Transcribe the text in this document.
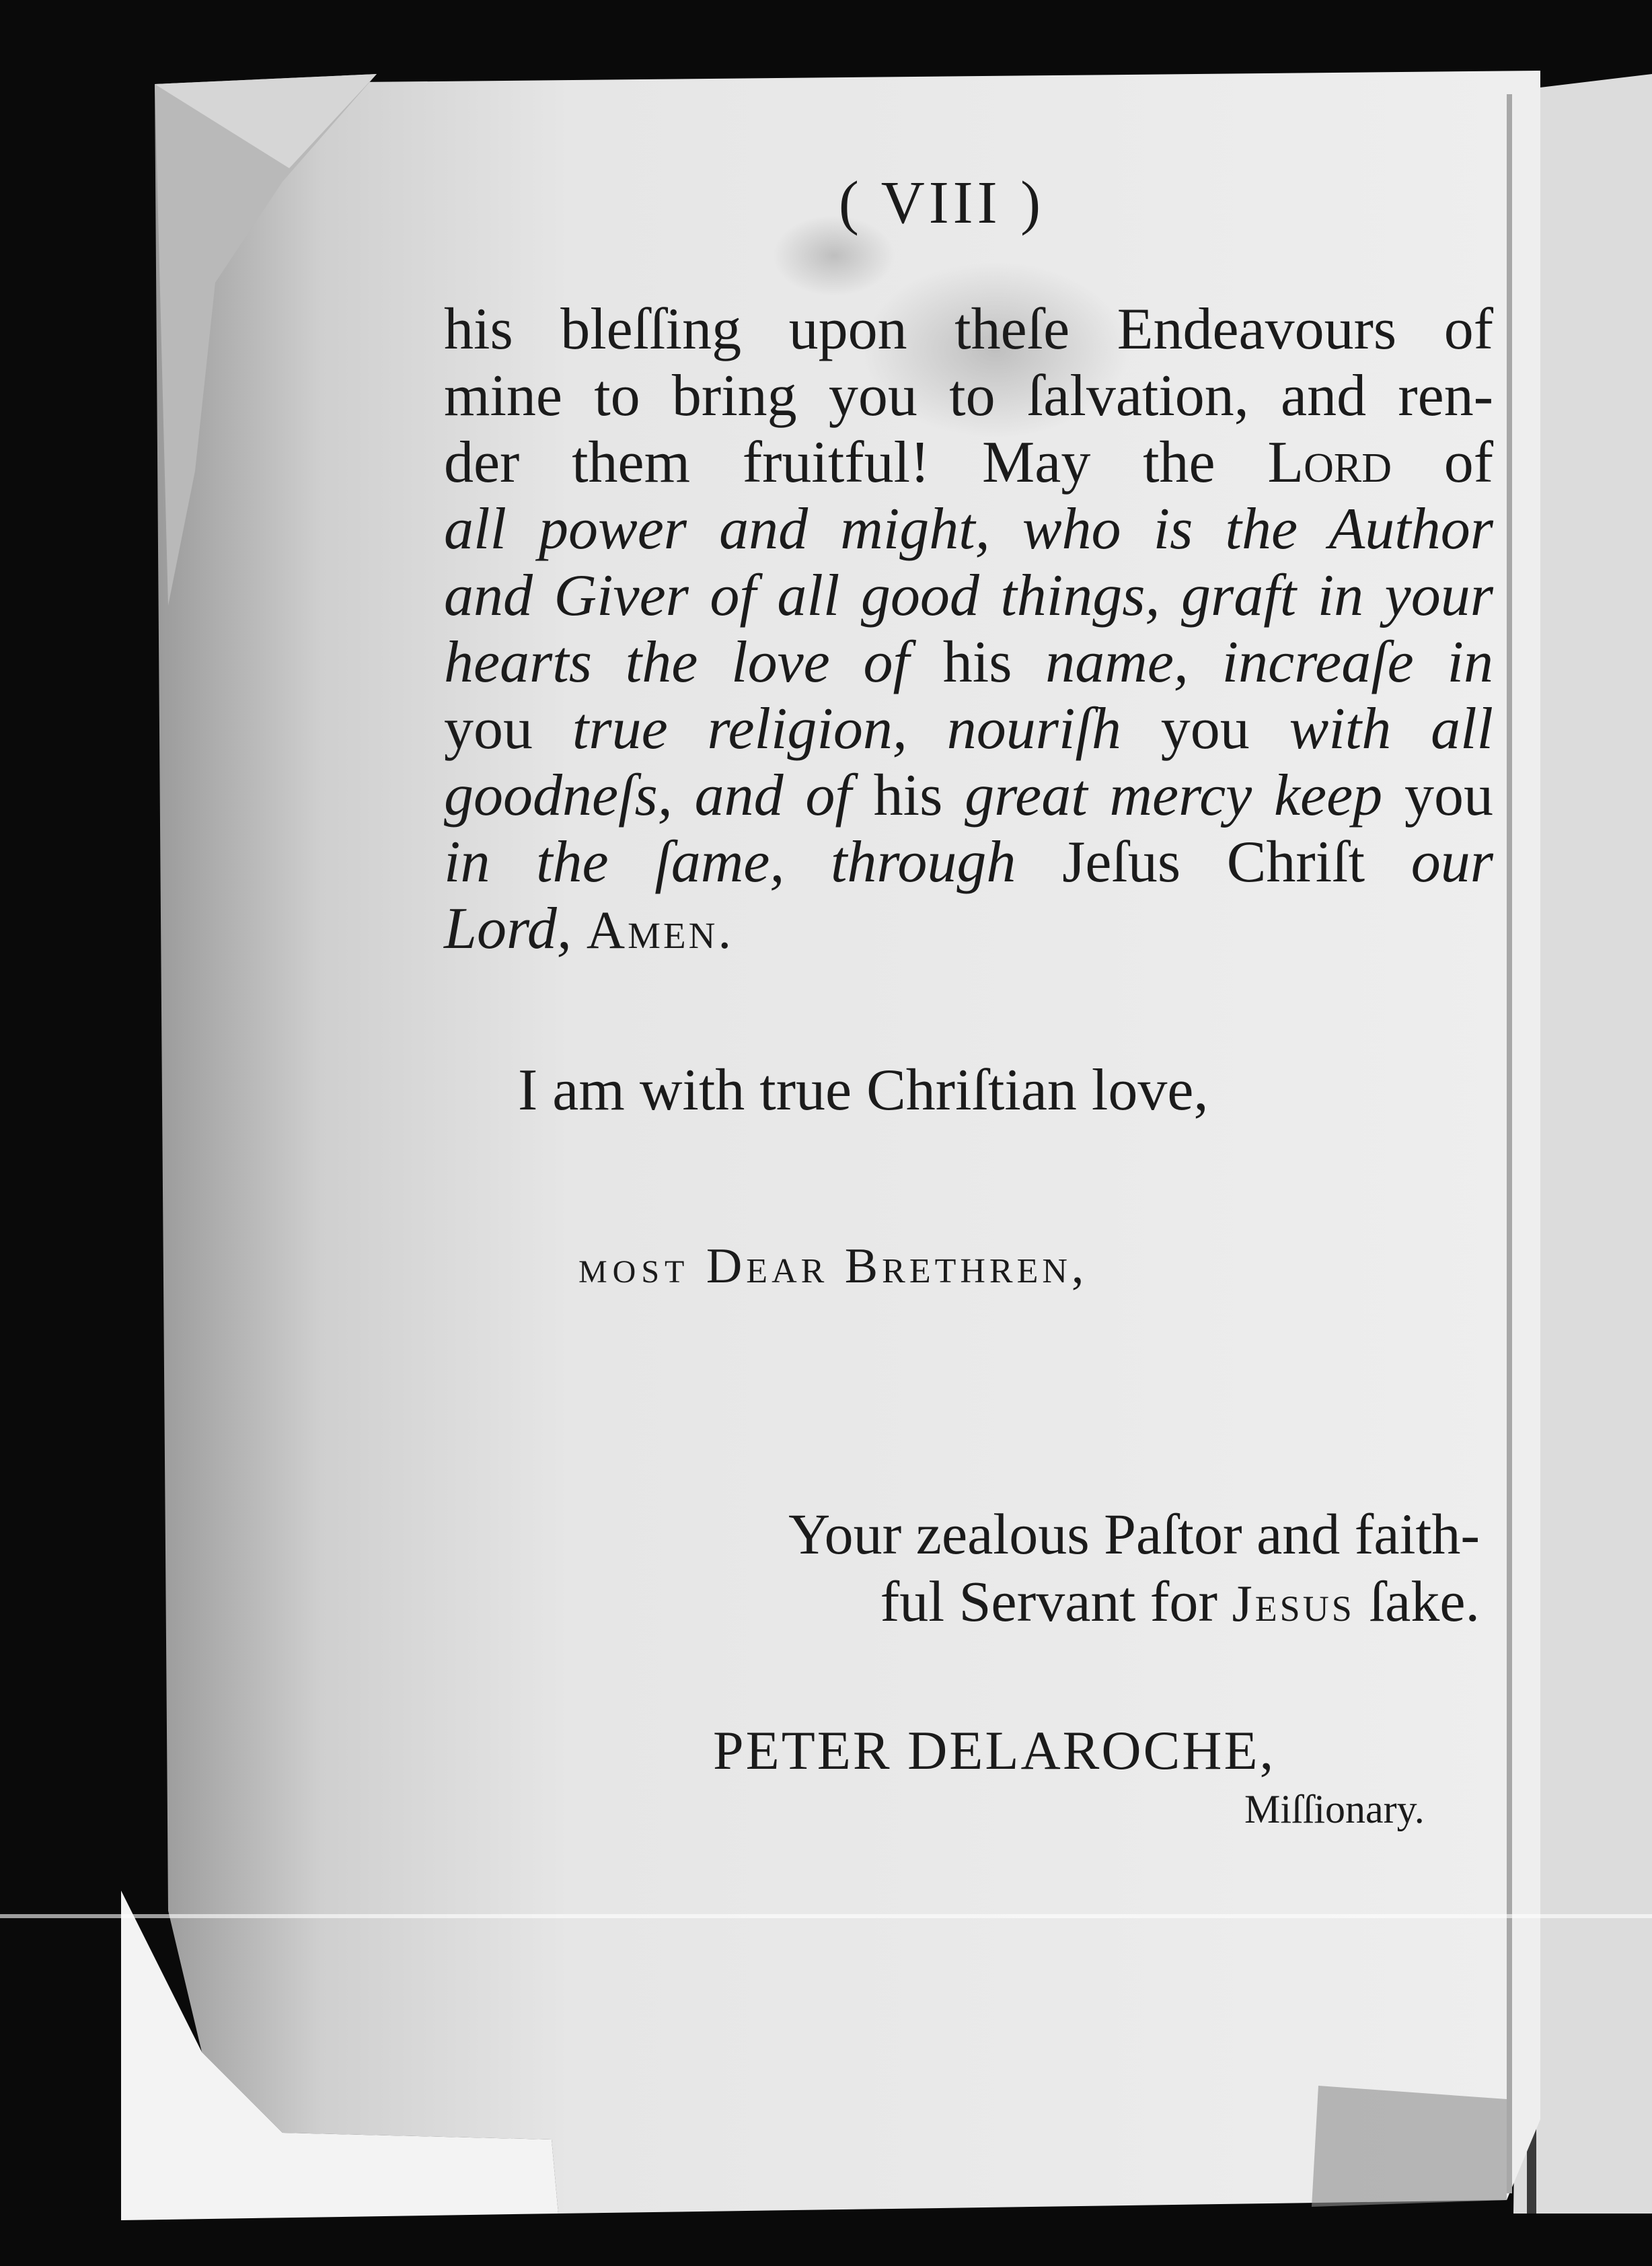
( VIII )
his bleſſing upon theſe Endeavours of
mine to bring you to ſalvation, and ren-
der them fruitful! May the Lord of
all power and might, who is the Author
and Giver of all good things, graft in your
hearts the love of his name, increaſe in
you true religion, nouriſh you with all
goodneſs, and of his great mercy keep you
in the ſame, through Jeſus Chriſt our
Lord, Amen.
I am with true Chriſtian love,
MOST Dear Brethren,
Your zealous Paſtor and faith-
ful Servant for Jesus ſake.
PETER DELAROCHE,
Miſſionary.
